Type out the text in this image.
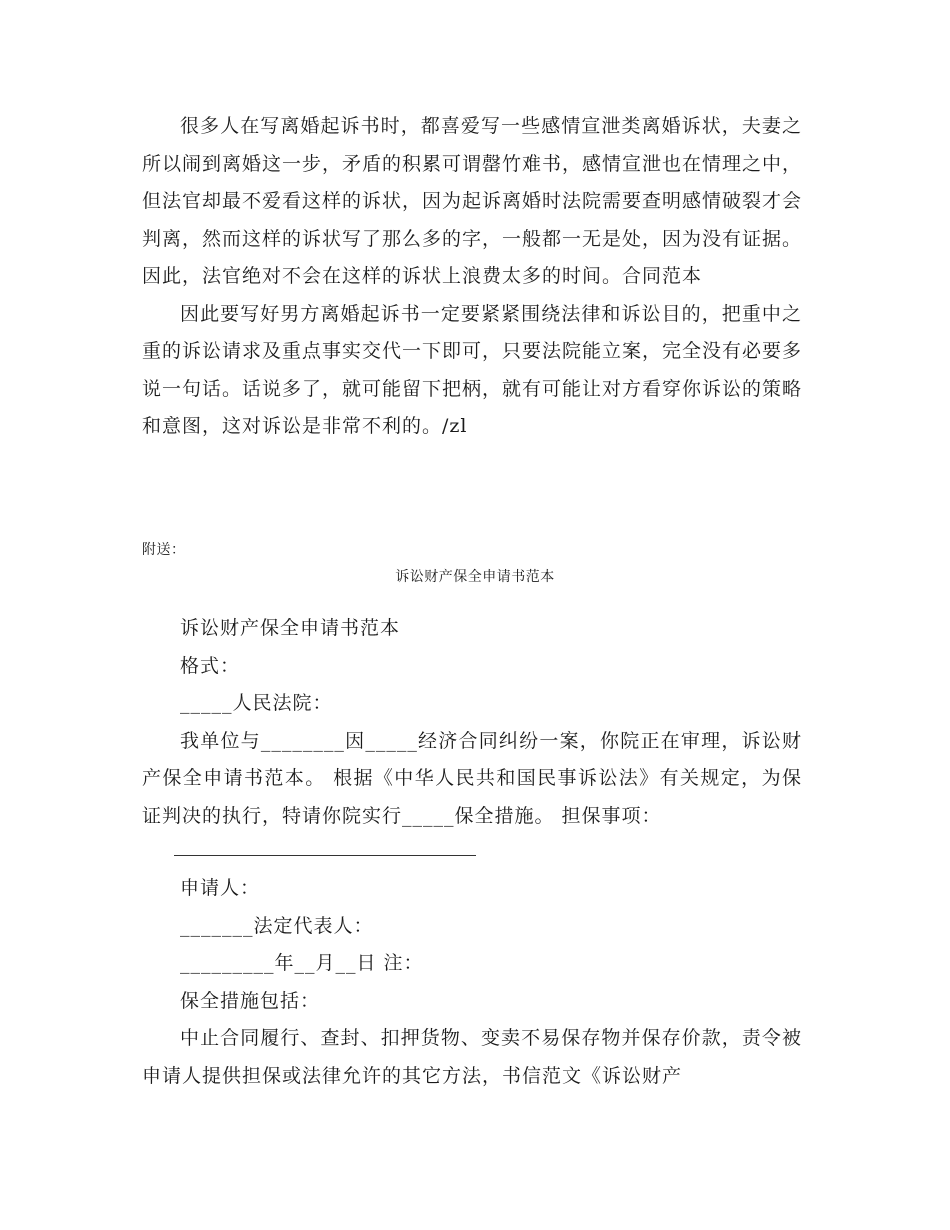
很多人在写离婚起诉书时，都喜爱写一些感情宣泄类离婚诉状，夫妻之所以闹到离婚这一步，矛盾的积累可谓罄竹难书，感情宣泄也在情理之中，但法官却最不爱看这样的诉状，因为起诉离婚时法院需要查明感情破裂才会判离，然而这样的诉状写了那么多的字，一般都一无是处，因为没有证据。因此，法官绝对不会在这样的诉状上浪费太多的时间。合同范本

因此要写好男方离婚起诉书一定要紧紧围绕法律和诉讼目的，把重中之重的诉讼请求及重点事实交代一下即可，只要法院能立案，完全没有必要多说一句话。话说多了，就可能留下把柄，就有可能让对方看穿你诉讼的策略和意图，这对诉讼是非常不利的。/zl

附送：
诉讼财产保全申请书范本

诉讼财产保全申请书范本

格式：

_____人民法院：

我单位与________因_____经济合同纠纷一案，你院正在审理，诉讼财产保全申请书范本。 根据《中华人民共和国民事诉讼法》有关规定，为保证判决的执行，特请你院实行_____保全措施。 担保事项：

申请人：

_______法定代表人：

_________年__月__日 注：

保全措施包括：

中止合同履行、查封、扣押货物、变卖不易保存物并保存价款，责令被申请人提供担保或法律允许的其它方法，书信范文《诉讼财产
